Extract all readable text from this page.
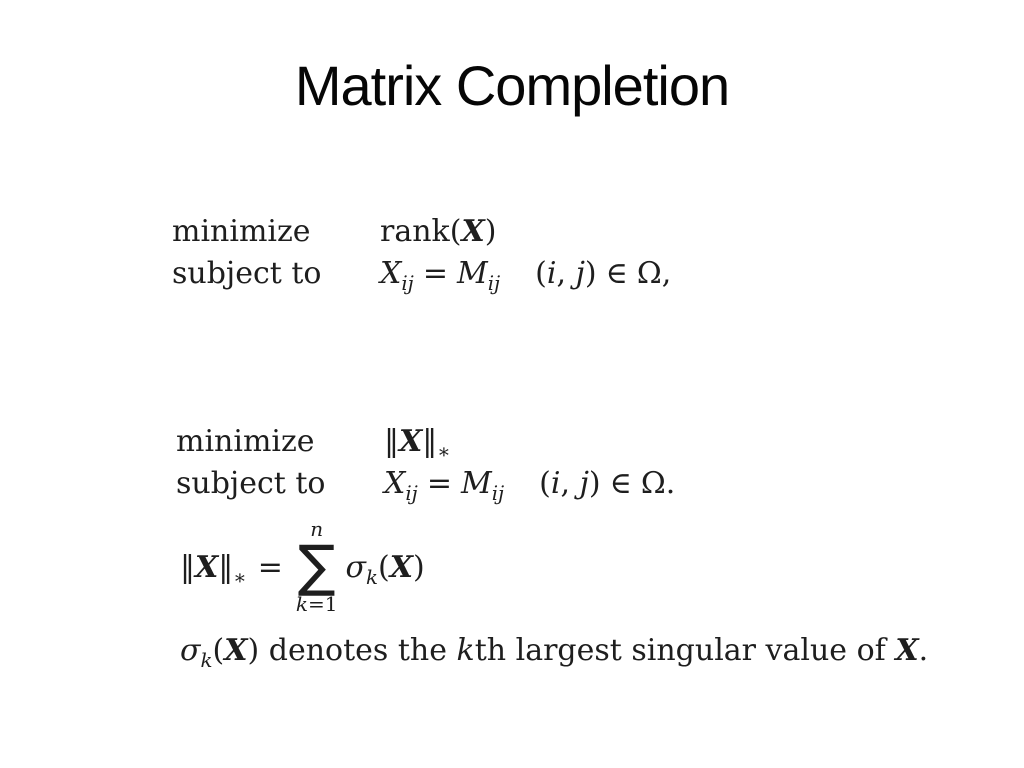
Matrix Completion
minimize	rank(X)
subject to	$X_{ij} = M_{ij}$ (i, j) ∈ Ω,
minimize	$‖X‖_∗$
subject to	$X_{ij} = M_{ij}$ (i, j) ∈ Ω.
$‖X‖_∗$ =
n
∑
k=1
$\sigma_k(X)$
$\sigma_k(X)$ denotes the kth largest singular value of X.
